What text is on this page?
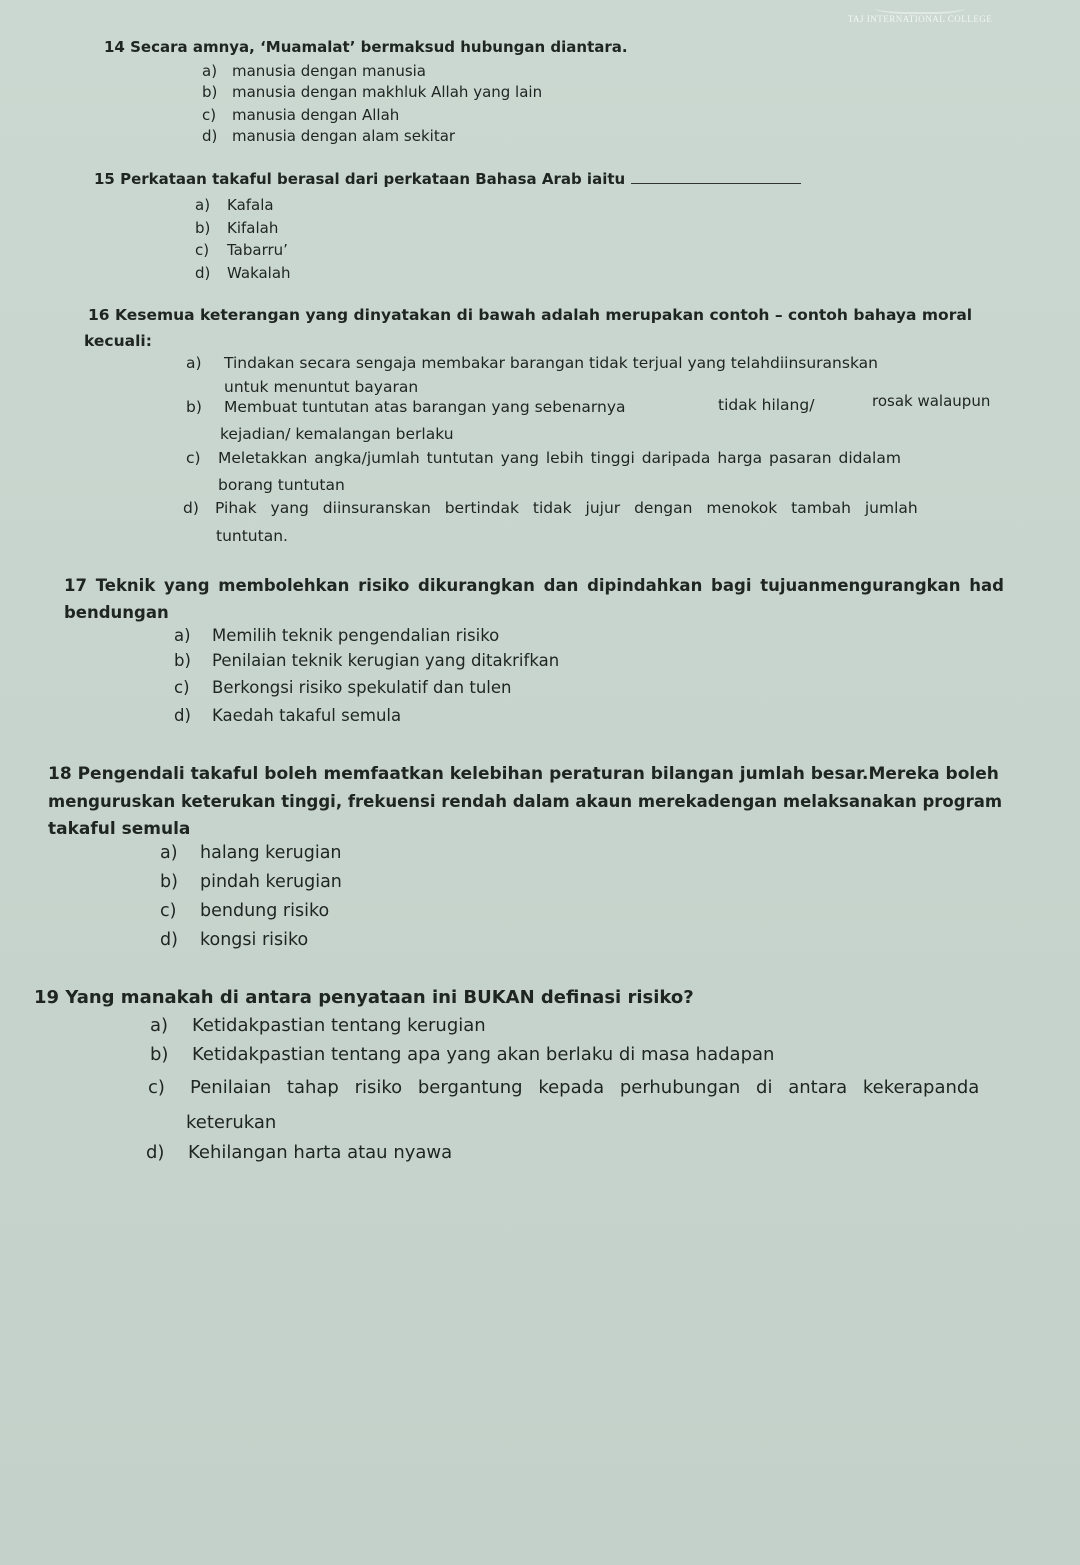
TAJ INTERNATIONAL COLLEGE
14 Secara amnya, ‘Muamalat’ bermaksud hubungan diantara.
a) manusia dengan manusia
b) manusia dengan makhluk Allah yang lain
c) manusia dengan Allah
d) manusia dengan alam sekitar
15 Perkataan takaful berasal dari perkataan Bahasa Arab iaitu
a) Kafala
b) Kifalah
c) Tabarru’
d) Wakalah
16 Kesemua keterangan yang dinyatakan di bawah adalah merupakan contoh – contoh bahaya moral
kecuali:
a) Tindakan secara sengaja membakar barangan tidak terjual yang telahdiinsuranskan
untuk menuntut bayaran
b) Membuat tuntutan atas barangan yang sebenarnya	tidak hilang/	rosak walaupun
kejadian/ kemalangan berlaku
c) Meletakkan angka/jumlah tuntutan yang lebih tinggi daripada harga pasaran didalam
borang tuntutan
d) Pihak yang diinsuranskan bertindak tidak jujur dengan menokok tambah jumlah
tuntutan.
17 Teknik yang membolehkan risiko dikurangkan dan dipindahkan bagi tujuanmengurangkan had
bendungan
a) Memilih teknik pengendalian risiko
b) Penilaian teknik kerugian yang ditakrifkan
c) Berkongsi risiko spekulatif dan tulen
d) Kaedah takaful semula
18 Pengendali takaful boleh memfaatkan kelebihan peraturan bilangan jumlah besar.Mereka boleh
menguruskan keterukan tinggi, frekuensi rendah dalam akaun merekadengan melaksanakan program
takaful semula
a) halang kerugian
b) pindah kerugian
c) bendung risiko
d) kongsi risiko
19 Yang manakah di antara penyataan ini BUKAN definasi risiko?
a) Ketidakpastian tentang kerugian
b) Ketidakpastian tentang apa yang akan berlaku di masa hadapan
c) Penilaian tahap risiko bergantung kepada perhubungan di antara kekerapanda
keterukan
d) Kehilangan harta atau nyawa
